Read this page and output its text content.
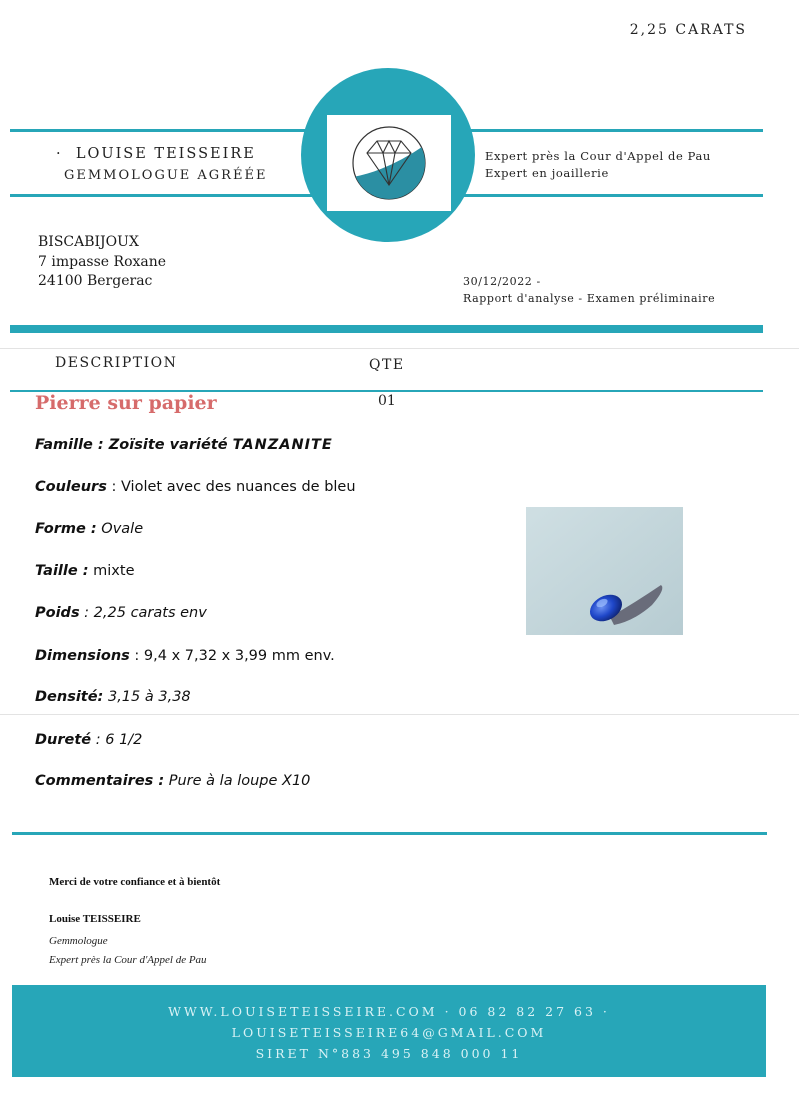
2,25 CARATS
· LOUISE TEISSEIRE
GEMMOLOGUE AGRÉÉE
Expert près la Cour d'Appel de Pau
Expert en joaillerie
BISCABIJOUX
7 impasse Roxane
24100 Bergerac	30/12/2022 -
Rapport d'analyse - Examen préliminaire
DESCRIPTION	QTE
Pierre sur papier	01
Famille : Zoïsite variété TANZANITE
Couleurs : Violet avec des nuances de bleu
Forme : Ovale
Taille : mixte
Poids : 2,25 carats env
Dimensions : 9,4 x 7,32 x 3,99 mm env.
Densité: 3,15 à 3,38
Dureté : 6 1/2
Commentaires : Pure à la loupe X10
Merci de votre confiance et à bientôt
Louise TEISSEIRE
Gemmologue
Expert près la Cour d'Appel de Pau
WWW.LOUISETEISSEIRE.COM · 06 82 82 27 63 ·
LOUISETEISSEIRE64@GMAIL.COM
SIRET N°883 495 848 000 11
